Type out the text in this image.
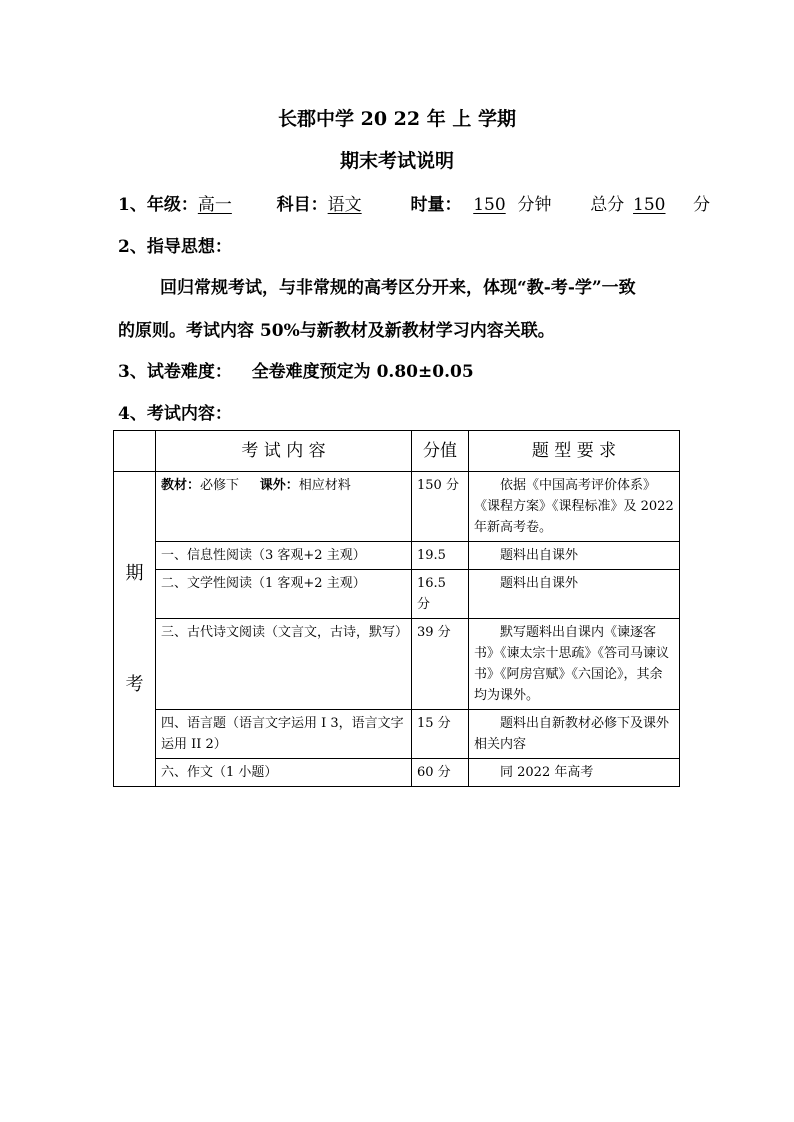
长郡中学 20 22 年 上 学期
期末考试说明
1、年级：高一	科目：语文	时量： 150 分钟 总分 150 分
2、指导思想：
回归常规考试，与非常规的高考区分开来，体现“教-考-学”一致
的原则。考试内容 50%与新教材及新教材学习内容关联。
3、试卷难度： 全卷难度预定为 0.80±0.05
4、考试内容：
	考 试 内 容	分值	题 型 要 求

期
考	教材：必修下 课外：相应材料	150 分	依据《中国高考评价体系》《课程方案》《课程标准》及 2022 年新高考卷。
	一、信息性阅读（3 客观+2 主观）	19.5	题料出自课外
	二、文学性阅读（1 客观+2 主观）	16.5 分	题料出自课外
	三、古代诗文阅读（文言文，古诗，默写）	39 分	默写题料出自课内《谏逐客书》《谏太宗十思疏》《答司马谏议书》《阿房宫赋》《六国论》，其余均为课外。
	四、语言题（语言文字运用 I 3，语言文字运用 II 2）	15 分	题料出自新教材必修下及课外相关内容
	六、作文（1 小题）	60 分	同 2022 年高考
